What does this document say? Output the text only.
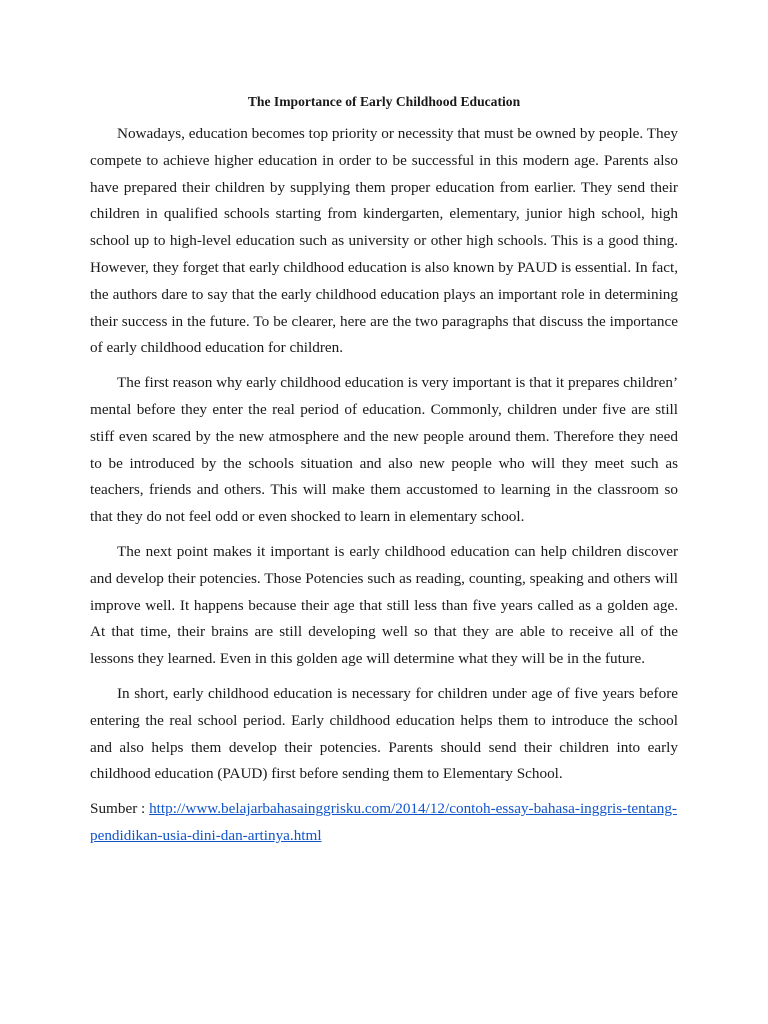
The Importance of Early Childhood Education

Nowadays, education becomes top priority or necessity that must be owned by people. They compete to achieve higher education in order to be successful in this modern age. Parents also have prepared their children by supplying them proper education from earlier. They send their children in qualified schools starting from kindergarten, elementary, junior high school, high school up to high-level education such as university or other high schools. This is a good thing. However, they forget that early childhood education is also known by PAUD is essential. In fact, the authors dare to say that the early childhood education plays an important role in determining their success in the future. To be clearer, here are the two paragraphs that discuss the importance of early childhood education for children.

The first reason why early childhood education is very important is that it prepares children’ mental before they enter the real period of education. Commonly, children under five are still stiff even scared by the new atmosphere and the new people around them. Therefore they need to be introduced by the schools situation and also new people who will they meet such as teachers, friends and others. This will make them accustomed to learning in the classroom so that they do not feel odd or even shocked to learn in elementary school.

The next point makes it important is early childhood education can help children discover and develop their potencies. Those Potencies such as reading, counting, speaking and others will improve well. It happens because their age that still less than five years called as a golden age. At that time, their brains are still developing well so that they are able to receive all of the lessons they learned. Even in this golden age will determine what they will be in the future.

In short, early childhood education is necessary for children under age of five years before entering the real school period. Early childhood education helps them to introduce the school and also helps them develop their potencies. Parents should send their children into early childhood education (PAUD) first before sending them to Elementary School.

Sumber : http://www.belajarbahasainggrisku.com/2014/12/contoh-essay-bahasa-inggris-tentang-pendidikan-usia-dini-dan-artinya.html
